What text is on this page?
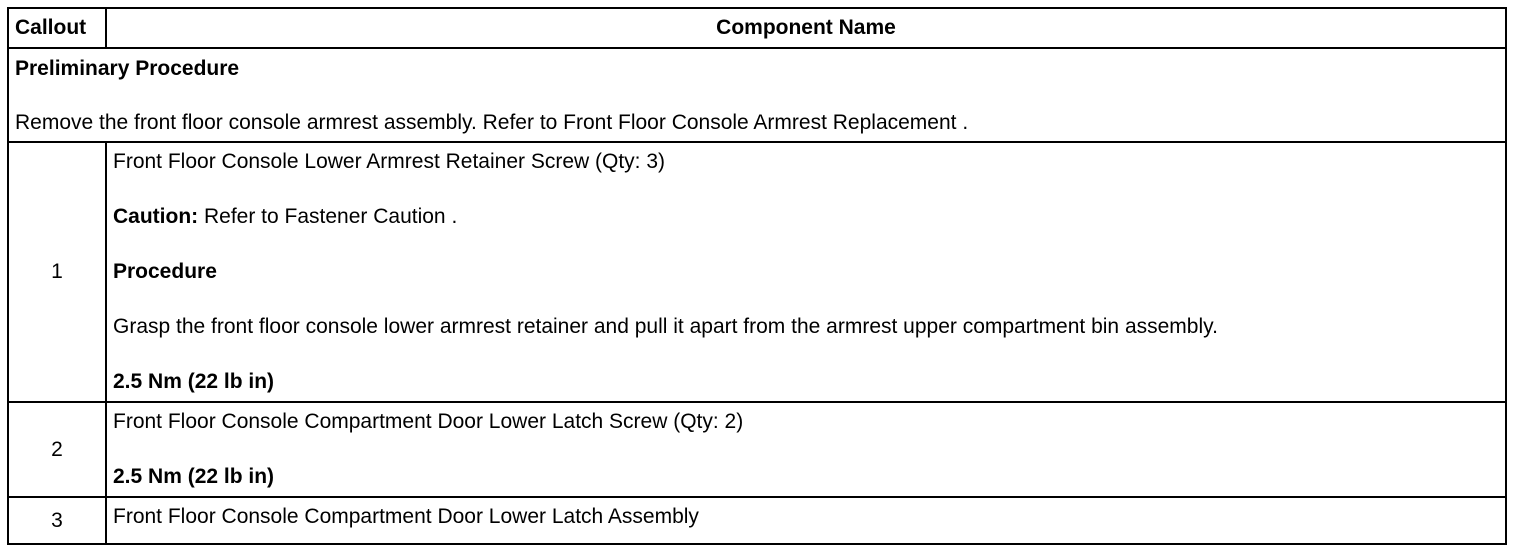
Callout	Component Name

Preliminary Procedure
Remove the front floor console armrest assembly. Refer to Front Floor Console Armrest Replacement .	

1	Front Floor Console Lower Armrest Retainer Screw (Qty: 3)
Caution: Refer to Fastener Caution .
Procedure
Grasp the front floor console lower armrest retainer and pull it apart from the armrest upper compartment bin assembly.
2.5 Nm (22 lb in)

2	Front Floor Console Compartment Door Lower Latch Screw (Qty: 2)
2.5 Nm (22 lb in)

3	Front Floor Console Compartment Door Lower Latch Assembly
